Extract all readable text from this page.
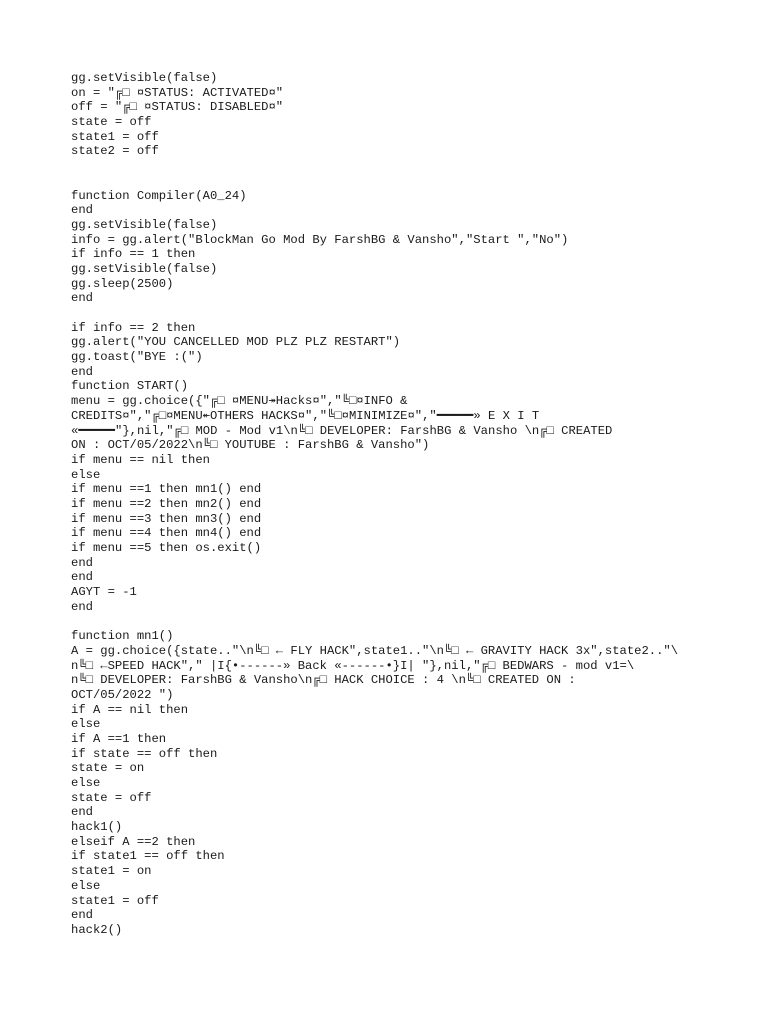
gg.setVisible(false)
on = "╔□ ¤STATUS: ACTIVATED¤"
off = "╔□ ¤STATUS: DISABLED¤"
state = off
state1 = off
state2 = off
function Compiler(A0_24)
end
gg.setVisible(false)
info = gg.alert("BlockMan Go Mod By FarshBG & Vansho","Start ","No")
if info == 1 then
gg.setVisible(false)
gg.sleep(2500)
end
if info == 2 then
gg.alert("YOU CANCELLED MOD PLZ PLZ RESTART")
gg.toast("BYE :(")
end
function START()
menu = gg.choice({"╔□ ¤MENU↠Hacks¤","╚□¤INFO &
CREDITS¤","╔□¤MENU↞OTHERS HACKS¤","╚□¤MINIMIZE¤","━━━━━» E X I T
«━━━━━"},nil,"╔□ MOD - Mod v1\n╚□ DEVELOPER: FarshBG & Vansho \n╔□ CREATED
ON : OCT/05/2022\n╚□ YOUTUBE : FarshBG & Vansho")
if menu == nil then
else
if menu ==1 then mn1() end
if menu ==2 then mn2() end
if menu ==3 then mn3() end
if menu ==4 then mn4() end
if menu ==5 then os.exit()
end
end
AGYT = -1
end
function mn1()
A = gg.choice({state.."\n╚□ ← FLY HACK",state1.."\n╚□ ← GRAVITY HACK 3x",state2.."\
n╚□ ←SPEED HACK"," |I{•------» Back «------•}I| "},nil,"╔□ BEDWARS - mod v1=\
n╚□ DEVELOPER: FarshBG & Vansho\n╔□ HACK CHOICE : 4 \n╚□ CREATED ON :
OCT/05/2022 ")
if A == nil then
else
if A ==1 then
if state == off then
state = on
else
state = off
end
hack1()
elseif A ==2 then
if state1 == off then
state1 = on
else
state1 = off
end
hack2()
